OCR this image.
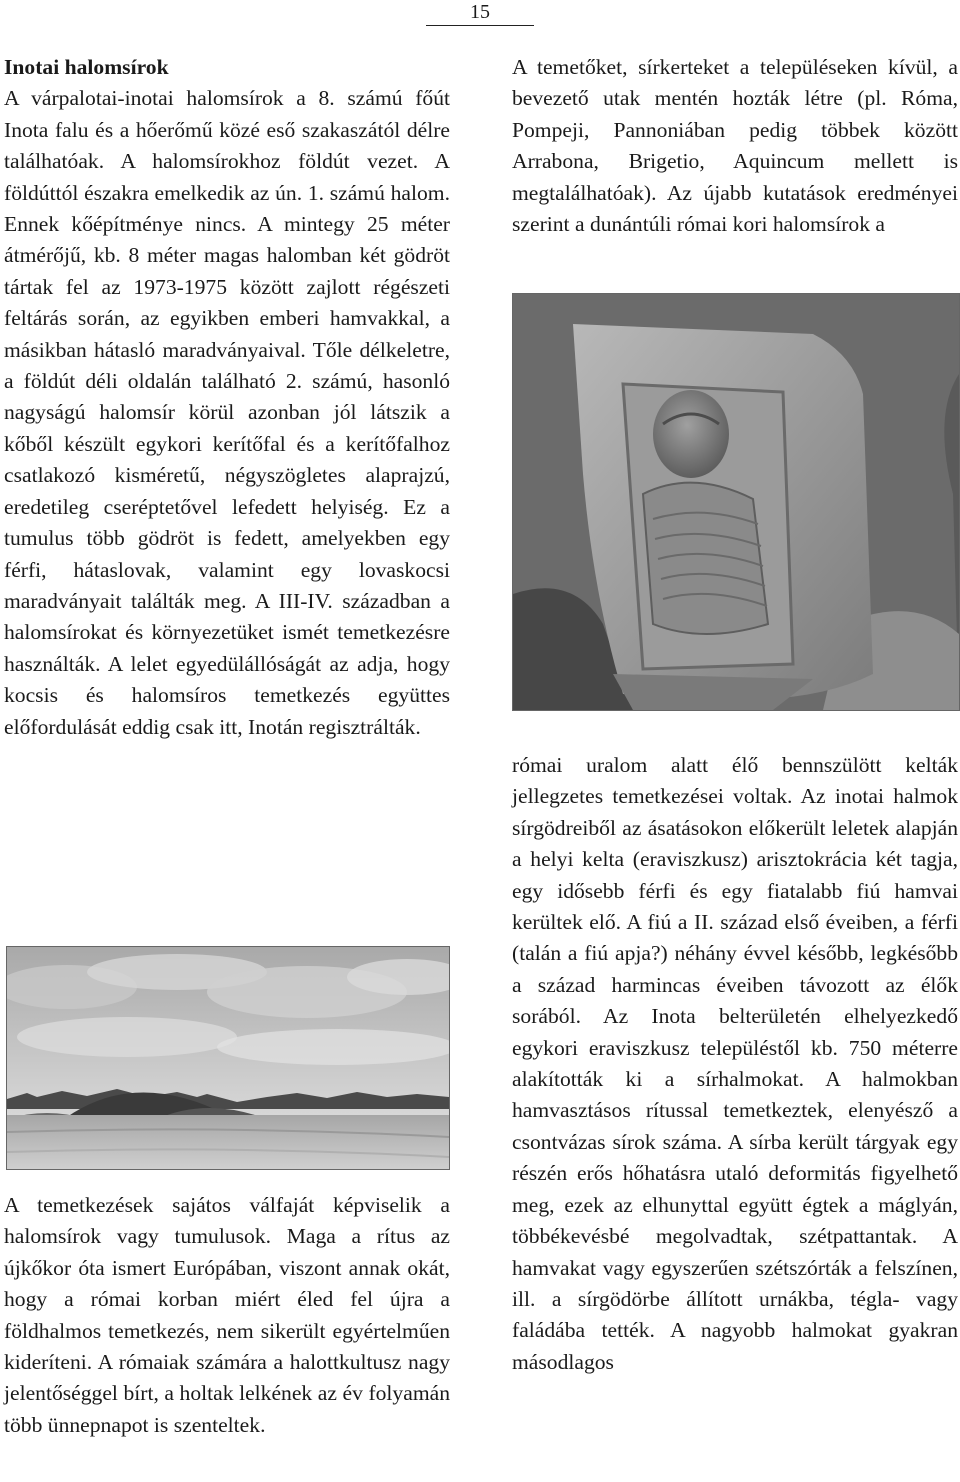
15

Inotai halomsírok

A várpalotai-inotai halomsírok a 8. számú főút Inota falu és a hőerőmű közé eső szakaszától délre találhatóak. A halomsírokhoz földút vezet. A földúttól északra emelkedik az ún. 1. számú halom. Ennek kőépítménye nincs. A mintegy 25 méter átmérőjű, kb. 8 méter magas halomban két gödröt tártak fel az 1973-1975 között zajlott régészeti feltárás során, az egyikben emberi hamvakkal, a másikban hátasló maradványaival. Tőle délkeletre, a földút déli oldalán található 2. számú, hasonló nagyságú halomsír körül azonban jól látszik a kőből készült egykori kerítőfal és a kerítőfalhoz csatlakozó kisméretű, négyszögletes alaprajzú, eredetileg cseréptetővel lefedett helyiség. Ez a tumulus több gödröt is fedett, amelyekben egy férfi, hátaslovak, valamint egy lovaskocsi maradványait találták meg. A III-IV. században a halomsírokat és környezetüket ismét temetkezésre használták. A lelet egyedülállóságát az adja, hogy kocsis és halomsíros temetkezés együttes előfordulását eddig csak itt, Inotán regisztrálták.

A temetkezések sajátos válfaját képviselik a halomsírok vagy tumulusok. Maga a rítus az újkőkor óta ismert Európában, viszont annak okát, hogy a római korban miért éled fel újra a földhalmos temetkezés, nem sikerült egyértelműen kideríteni. A rómaiak számára a halottkultusz nagy jelentőséggel bírt, a holtak lelkének az év folyamán több ünnepnapot is szenteltek.

A temetőket, sírkerteket a településeken kívül, a bevezető utak mentén hozták létre (pl. Róma, Pompeji, Pannoniában pedig többek között Arrabona, Brigetio, Aquincum mellett is megtalálhatóak). Az újabb kutatások eredményei szerint a dunántúli római kori halomsírok a

római uralom alatt élő bennszülött kelták jellegzetes temetkezései voltak. Az inotai halmok sírgödreiből az ásatásokon előkerült leletek alapján a helyi kelta (eraviszkusz) arisztokrácia két tagja, egy idősebb férfi és egy fiatalabb fiú hamvai kerültek elő. A fiú a II. század első éveiben, a férfi (talán a fiú apja?) néhány évvel később, legkésőbb a század harmincas éveiben távozott az élők sorából. Az Inota belterületén elhelyezkedő egykori eraviszkusz településtől kb. 750 méterre alakították ki a sírhalmokat. A halmokban hamvasztásos rítussal temetkeztek, elenyésző a csontvázas sírok száma. A sírba került tárgyak egy részén erős hőhatásra utaló deformitás figyelhető meg, ezek az elhunyttal együtt égtek a máglyán, többékevésbé megolvadtak, szétpattantak. A hamvakat vagy egyszerűen szétszórták a felszínen, ill. a sírgödörbe állított urnákba, tégla- vagy faládába tették. A nagyobb halmokat gyakran másodlagos
